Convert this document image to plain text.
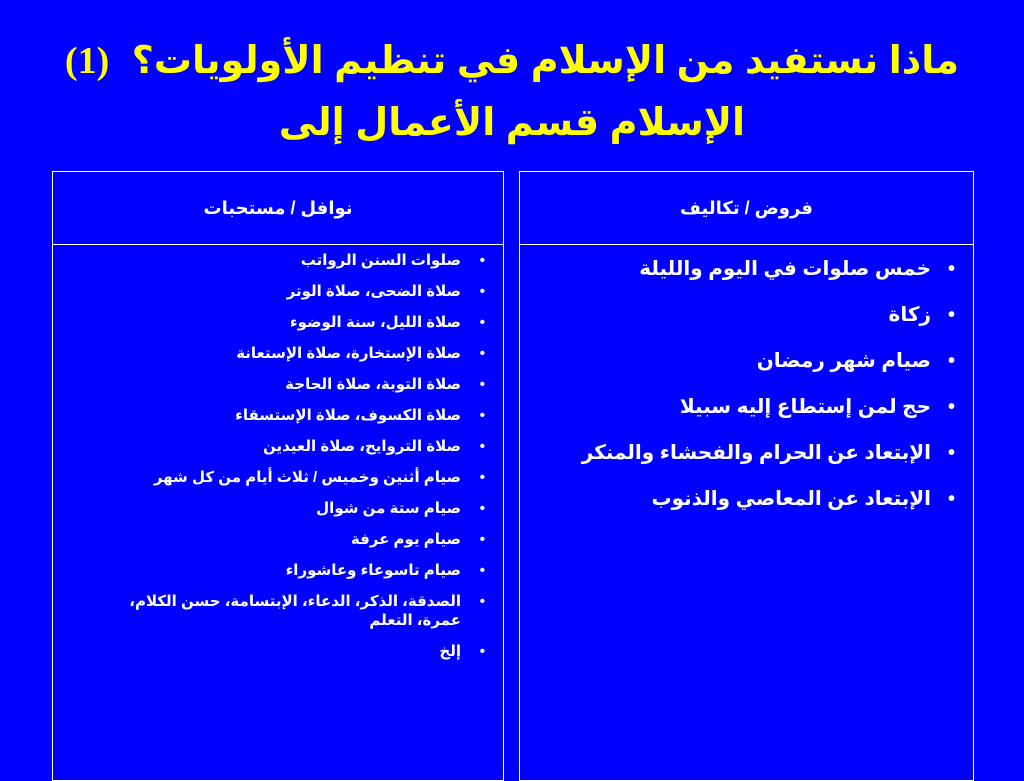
ماذا نستفيد من الإسلام في تنظيم الأولويات؟ (1)
الإسلام قسم الأعمال إلى
فروض / تكاليف
•
خمس صلوات في اليوم والليلة
•
زكاة
•
صيام شهر رمضان
•
حج لمن إستطاع إليه سبيلا
•
الإبتعاد عن الحرام والفحشاء والمنكر
•
الإبتعاد عن المعاصي والذنوب
نوافل / مستحبات
•
صلوات السنن الرواتب
•
صلاة الضحى، صلاة الوتر
•
صلاة الليل، سنة الوضوء
•
صلاة الإستخارة، صلاة الإستعانة
•
صلاة التوبة، صلاة الحاجة
•
صلاة الكسوف، صلاة الإستسقاء
•
صلاة التروايح، صلاة العيدين
•
صيام أثنين وخميس / ثلاث أيام من كل شهر
•
صيام ستة من شوال
•
صيام يوم عرفة
•
صيام تاسوعاء وعاشوراء
•
الصدقة، الذكر، الدعاء، الإبتسامة، حسن الكلام، عمرة، التعلم
•
إلخ
